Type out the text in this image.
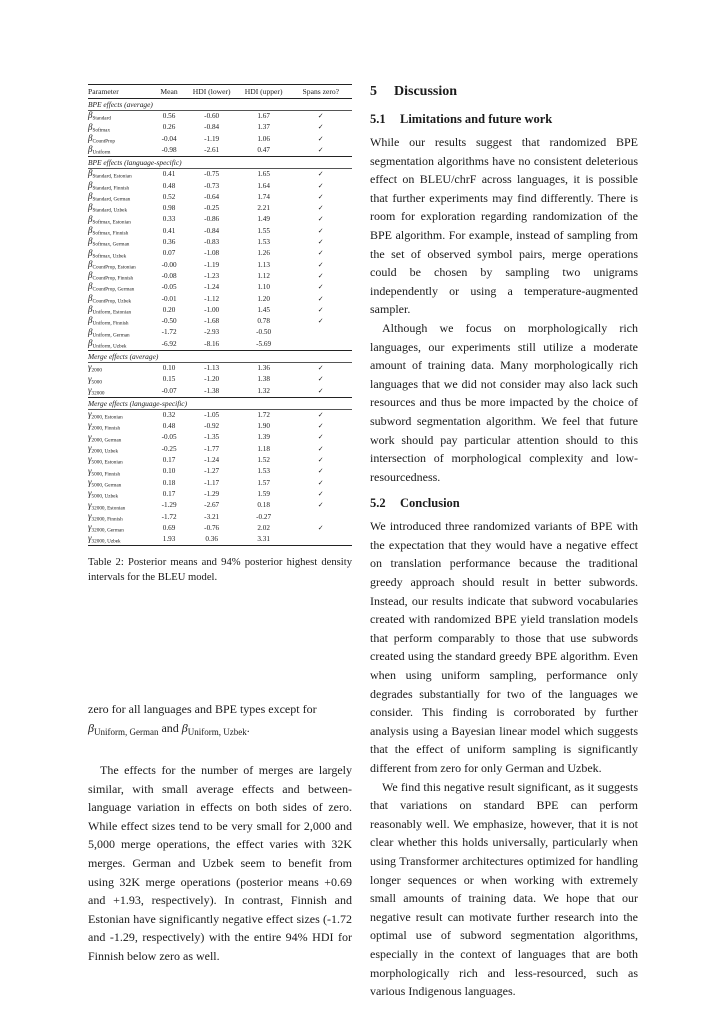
Parameter	Mean	HDI (lower)	HDI (upper)	Spans zero?
BPE effects (average)				
$\beta_{Standard}$	0.56	-0.60	1.67	✓
$\beta_{Softmax}$	0.26	-0.84	1.37	✓
$\beta_{CountProp}$	-0.04	-1.19	1.06	✓
$\beta_{Uniform}$	-0.98	-2.61	0.47	✓
BPE effects (language-specific)				
$\beta_{Standard, Estonian}$	0.41	-0.75	1.65	✓
$\beta_{Standard, Finnish}$	0.48	-0.73	1.64	✓
$\beta_{Standard, German}$	0.52	-0.64	1.74	✓
$\beta_{Standard, Uzbek}$	0.98	-0.25	2.21	✓
$\beta_{Softmax, Estonian}$	0.33	-0.86	1.49	✓
$\beta_{Softmax, Finnish}$	0.41	-0.84	1.55	✓
$\beta_{Softmax, German}$	0.36	-0.83	1.53	✓
$\beta_{Softmax, Uzbek}$	0.07	-1.08	1.26	✓
$\beta_{CountProp, Estonian}$	-0.00	-1.19	1.13	✓
$\beta_{CountProp, Finnish}$	-0.08	-1.23	1.12	✓
$\beta_{CountProp, German}$	-0.05	-1.24	1.10	✓
$\beta_{CountProp, Uzbek}$	-0.01	-1.12	1.20	✓
$\beta_{Uniform, Estonian}$	0.20	-1.00	1.45	✓
$\beta_{Uniform, Finnish}$	-0.50	-1.68	0.78	✓
$\beta_{Uniform, German}$	-1.72	-2.93	-0.50	
$\beta_{Uniform, Uzbek}$	-6.92	-8.16	-5.69	
Merge effects (average)				
$\gamma_{2000}$	0.10	-1.13	1.36	✓
$\gamma_{5000}$	0.15	-1.20	1.38	✓
$\gamma_{32000}$	-0.07	-1.38	1.32	✓
Merge effects (language-specific)				
$\gamma_{2000, Estonian}$	0.32	-1.05	1.72	✓
$\gamma_{2000, Finnish}$	0.48	-0.92	1.90	✓
$\gamma_{2000, German}$	-0.05	-1.35	1.39	✓
$\gamma_{2000, Uzbek}$	-0.25	-1.77	1.18	✓
$\gamma_{5000, Estonian}$	0.17	-1.24	1.52	✓
$\gamma_{5000, Finnish}$	0.10	-1.27	1.53	✓
$\gamma_{5000, German}$	0.18	-1.17	1.57	✓
$\gamma_{5000, Uzbek}$	0.17	-1.29	1.59	✓
$\gamma_{32000, Estonian}$	-1.29	-2.67	0.18	✓
$\gamma_{32000, Finnish}$	-1.72	-3.21	-0.27	
$\gamma_{32000, German}$	0.69	-0.76	2.02	✓
$\gamma_{32000, Uzbek}$	1.93	0.36	3.31	
Table 2: Posterior means and 94% posterior highest density intervals for the BLEU model.

zero for all languages and BPE types except for
$\beta_{Uniform, German}$ and $\beta_{Uniform, Uzbek}$.

The effects for the number of merges are largely similar, with small average effects and between-language variation in effects on both sides of zero. While effect sizes tend to be very small for 2,000 and 5,000 merge operations, the effect varies with 32K merges. German and Uzbek seem to benefit from using 32K merge operations (posterior means +0.69 and +1.93, respectively). In contrast, Finnish and Estonian have significantly negative effect sizes (-1.72 and -1.29, respectively) with the entire 94% HDI for Finnish below zero as well.

5 Discussion
5.1 Limitations and future work

While our results suggest that randomized BPE segmentation algorithms have no consistent deleterious effect on BLEU/chrF across languages, it is possible that further experiments may find differently. There is room for exploration regarding randomization of the BPE algorithm. For example, instead of sampling from the set of observed symbol pairs, merge operations could be chosen by sampling two unigrams independently or using a temperature-augmented sampler.

Although we focus on morphologically rich languages, our experiments still utilize a moderate amount of training data. Many morphologically rich languages that we did not consider may also lack such resources and thus be more impacted by the choice of subword segmentation algorithm. We feel that future work should pay particular attention should to this intersection of morphological complexity and low-resourcedness.

5.2 Conclusion

We introduced three randomized variants of BPE with the expectation that they would have a negative effect on translation performance because the traditional greedy approach should result in better subwords. Instead, our results indicate that subword vocabularies created with randomized BPE yield translation models that perform comparably to those that use subwords created using the standard greedy BPE algorithm. Even when using uniform sampling, performance only degrades substantially for two of the languages we consider. This finding is corroborated by further analysis using a Bayesian linear model which suggests that the effect of uniform sampling is significantly different from zero for only German and Uzbek.

We find this negative result significant, as it suggests that variations on standard BPE can perform reasonably well. We emphasize, however, that it is not clear whether this holds universally, particularly when using Transformer architectures optimized for handling longer sequences or when working with extremely small amounts of training data. We hope that our negative result can motivate further research into the optimal use of subword segmentation algorithms, especially in the context of languages that are both morphologically rich and less-resourced, such as various Indigenous languages.
